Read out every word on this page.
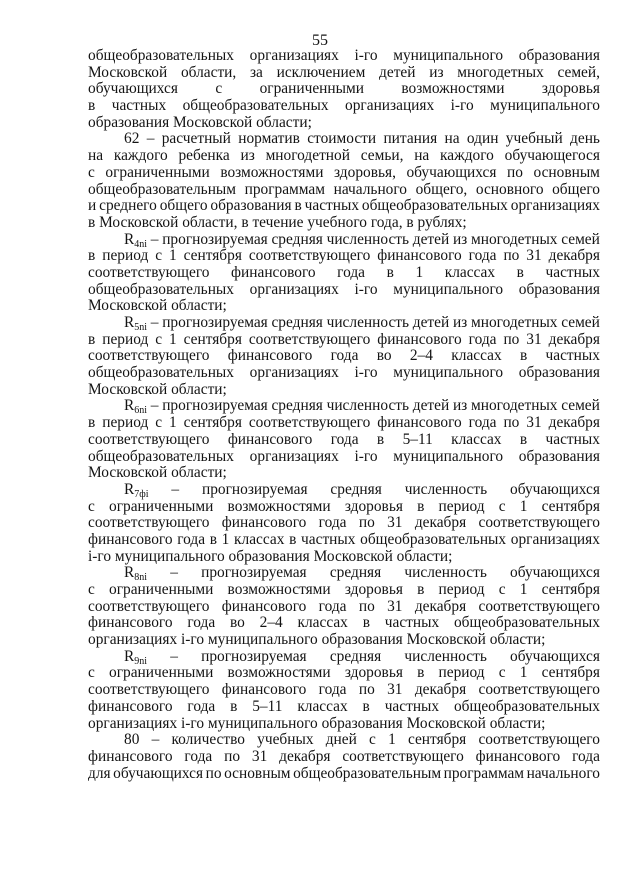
55
общеобразовательных организациях i-го муниципального образования
Московской области, за исключением детей из многодетных семей,
обучающихся с ограниченными возможностями здоровья
в частных общеобразовательных организациях i-го муниципального
образования Московской области;
62 – расчетный норматив стоимости питания на один учебный день
на каждого ребенка из многодетной семьи, на каждого обучающегося
с ограниченными возможностями здоровья, обучающихся по основным
общеобразовательным программам начального общего, основного общего
и среднего общего образования в частных общеобразовательных организациях
в Московской области, в течение учебного года, в рублях;
$R_{4ni}$ – прогнозируемая средняя численность детей из многодетных семей
в период с 1 сентября соответствующего финансового года по 31 декабря
соответствующего финансового года в 1 классах в частных
общеобразовательных организациях i-го муниципального образования
Московской области;
$R_{5ni}$ – прогнозируемая средняя численность детей из многодетных семей
в период с 1 сентября соответствующего финансового года по 31 декабря
соответствующего финансового года во 2–4 классах в частных
общеобразовательных организациях i-го муниципального образования
Московской области;
$R_{6ni}$ – прогнозируемая средняя численность детей из многодетных семей
в период с 1 сентября соответствующего финансового года по 31 декабря
соответствующего финансового года в 5–11 классах в частных
общеобразовательных организациях i-го муниципального образования
Московской области;
$R_{7фi}$ – прогнозируемая средняя численность обучающихся
с ограниченными возможностями здоровья в период с 1 сентября
соответствующего финансового года по 31 декабря соответствующего
финансового года в 1 классах в частных общеобразовательных организациях
i-го муниципального образования Московской области;
$R_{8ni}$ – прогнозируемая средняя численность обучающихся
с ограниченными возможностями здоровья в период с 1 сентября
соответствующего финансового года по 31 декабря соответствующего
финансового года во 2–4 классах в частных общеобразовательных
организациях i-го муниципального образования Московской области;
$R_{9ni}$ – прогнозируемая средняя численность обучающихся
с ограниченными возможностями здоровья в период с 1 сентября
соответствующего финансового года по 31 декабря соответствующего
финансового года в 5–11 классах в частных общеобразовательных
организациях i-го муниципального образования Московской области;
80 – количество учебных дней с 1 сентября соответствующего
финансового года по 31 декабря соответствующего финансового года
для обучающихся по основным общеобразовательным программам начального
